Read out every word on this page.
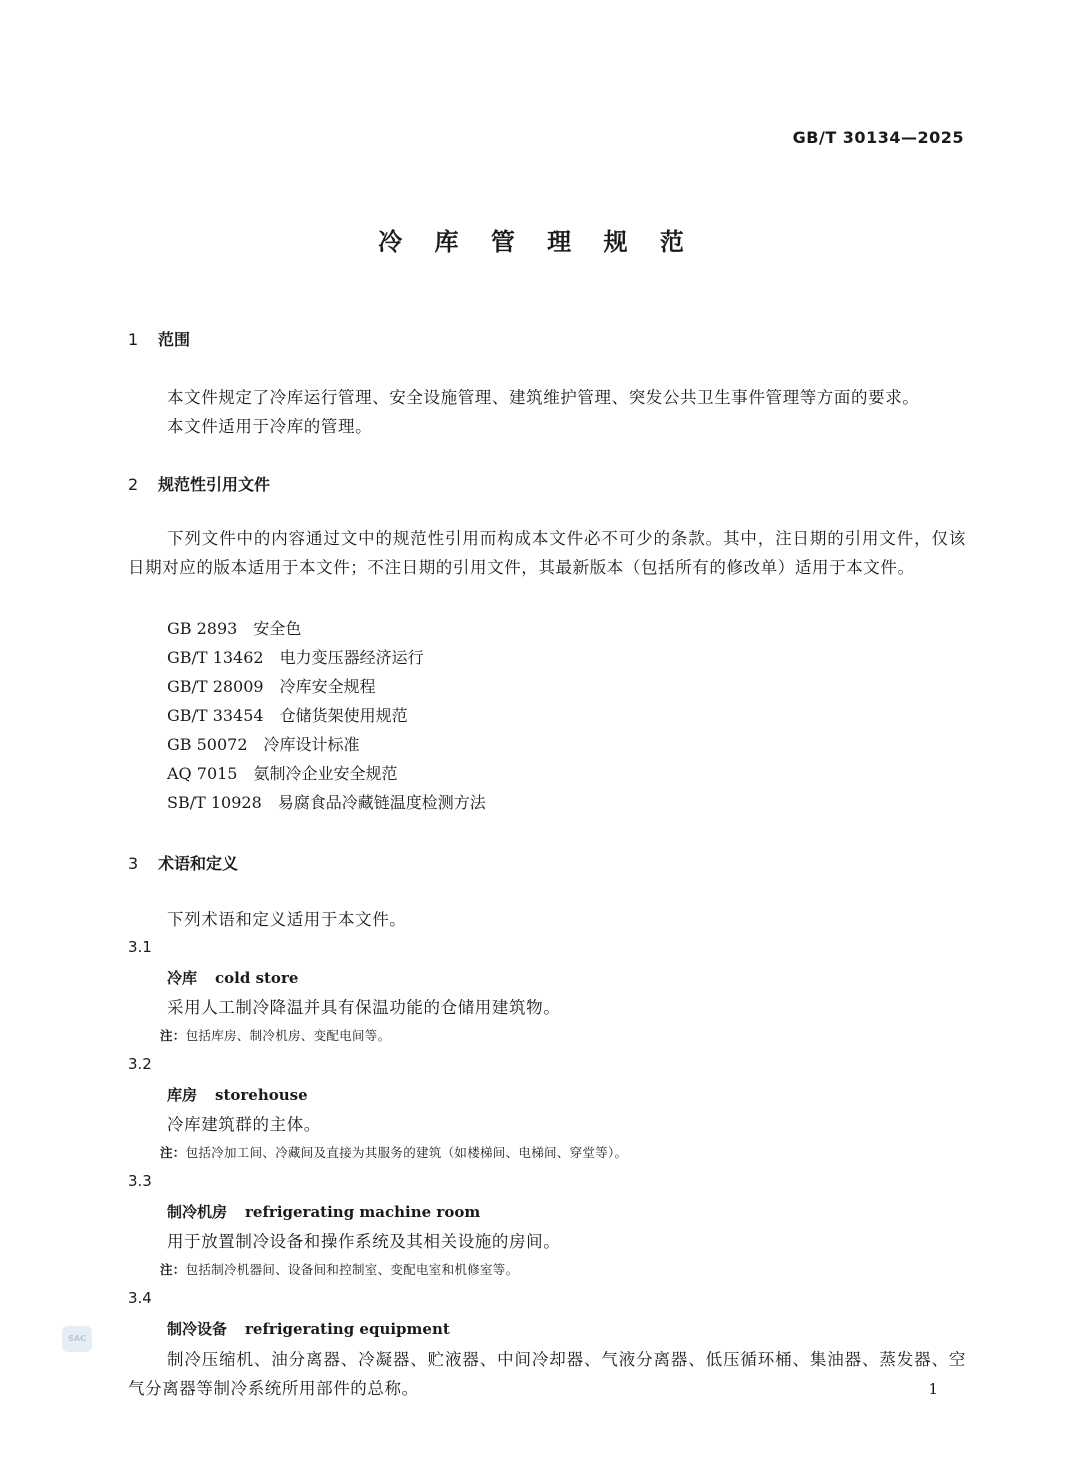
GB/T 30134—2025
冷 库 管 理 规 范
1 范围
本文件规定了冷库运行管理、安全设施管理、建筑维护管理、突发公共卫生事件管理等方面的要求。
本文件适用于冷库的管理。
2 规范性引用文件
下列文件中的内容通过文中的规范性引用而构成本文件必不可少的条款。其中，注日期的引用文件，仅该日期对应的版本适用于本文件；不注日期的引用文件，其最新版本（包括所有的修改单）适用于本文件。
GB 2893 安全色
GB/T 13462 电力变压器经济运行
GB/T 28009 冷库安全规程
GB/T 33454 仓储货架使用规范
GB 50072 冷库设计标准
AQ 7015 氨制冷企业安全规范
SB/T 10928 易腐食品冷藏链温度检测方法
3 术语和定义
下列术语和定义适用于本文件。
3.1
冷库 cold store
采用人工制冷降温并具有保温功能的仓储用建筑物。
注：包括库房、制冷机房、变配电间等。
3.2
库房 storehouse
冷库建筑群的主体。
注：包括冷加工间、冷藏间及直接为其服务的建筑（如楼梯间、电梯间、穿堂等）。
3.3
制冷机房 refrigerating machine room
用于放置制冷设备和操作系统及其相关设施的房间。
注：包括制冷机器间、设备间和控制室、变配电室和机修室等。
3.4
制冷设备 refrigerating equipment
制冷压缩机、油分离器、冷凝器、贮液器、中间冷却器、气液分离器、低压循环桶、集油器、蒸发器、空气分离器等制冷系统所用部件的总称。
SAC
1
